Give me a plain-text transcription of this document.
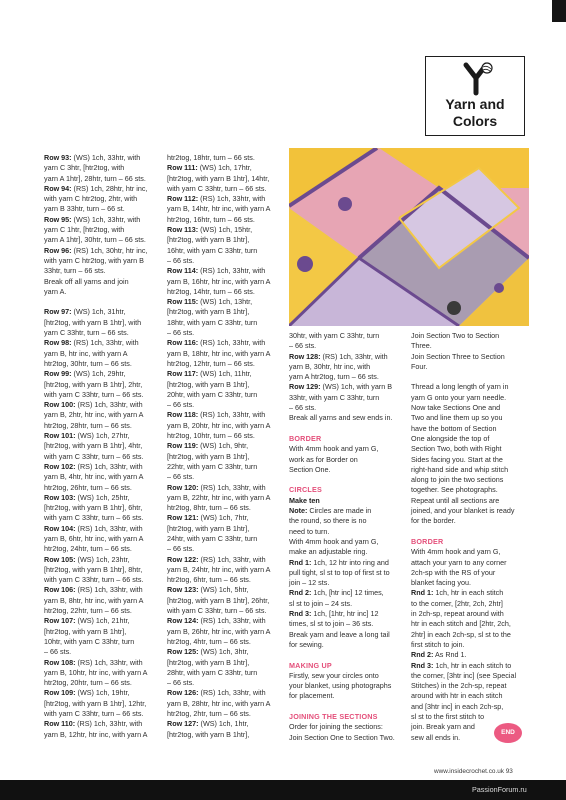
Yarn and
Colors
Row 93: (WS) 1ch, 33htr, with
yarn C 3htr, [htr2tog, with
yarn A 1htr], 28htr, turn – 66 sts.
Row 94: (RS) 1ch, 28htr, htr inc,
with yarn C htr2tog, 2htr, with
yarn B 33htr, turn – 66 st.
Row 95: (WS) 1ch, 33htr, with
yarn C 1htr, [htr2tog, with
yarn A 1htr], 30htr, turn – 66 sts.
Row 96: (RS) 1ch, 30htr, htr inc,
with yarn C htr2tog, with yarn B
33htr, turn – 66 sts.
Break off all yarns and join
yarn A.
Row 97: (WS) 1ch, 31htr,
[htr2tog, with yarn B 1htr], with
yarn C 33htr, turn – 66 sts.
Row 98: (RS) 1ch, 33htr, with
yarn B, htr inc, with yarn A
htr2tog, 30htr, turn – 66 sts.
Row 99: (WS) 1ch, 29htr,
[htr2tog, with yarn B 1htr], 2htr,
with yarn C 33htr, turn – 66 sts.
Row 100: (RS) 1ch, 33htr, with
yarn B, 2htr, htr inc, with yarn A
htr2tog, 28htr, turn – 66 sts.
Row 101: (WS) 1ch, 27htr,
[htr2tog, with yarn B 1htr], 4htr,
with yarn C 33htr, turn – 66 sts.
Row 102: (RS) 1ch, 33htr, with
yarn B, 4htr, htr inc, with yarn A
htr2tog, 26htr, turn – 66 sts.
Row 103: (WS) 1ch, 25htr,
[htr2tog, with yarn B 1htr], 6htr,
with yarn C 33htr, turn – 66 sts.
Row 104: (RS) 1ch, 33htr, with
yarn B, 6htr, htr inc, with yarn A
htr2tog, 24htr, turn – 66 sts.
Row 105: (WS) 1ch, 23htr,
[htr2tog, with yarn B 1htr], 8htr,
with yarn C 33htr, turn – 66 sts.
Row 106: (RS) 1ch, 33htr, with
yarn B, 8htr, htr inc, with yarn A
htr2tog, 22htr, turn – 66 sts.
Row 107: (WS) 1ch, 21htr,
[htr2tog, with yarn B 1htr],
10htr, with yarn C 33htr, turn
– 66 sts.
Row 108: (RS) 1ch, 33htr, with
yarn B, 10htr, htr inc, with yarn A
htr2tog, 20htr, turn – 66 sts.
Row 109: (WS) 1ch, 19htr,
[htr2tog, with yarn B 1htr], 12htr,
with yarn C 33htr, turn – 66 sts.
Row 110: (RS) 1ch, 33htr, with
yarn B, 12htr, htr inc, with yarn A
htr2tog, 18htr, turn – 66 sts.
Row 111: (WS) 1ch, 17htr,
[htr2tog, with yarn B 1htr], 14htr,
with yarn C 33htr, turn – 66 sts.
Row 112: (RS) 1ch, 33htr, with
yarn B, 14htr, htr inc, with yarn A
htr2tog, 16htr, turn – 66 sts.
Row 113: (WS) 1ch, 15htr,
[htr2tog, with yarn B 1htr],
16htr, with yarn C 33htr, turn
– 66 sts.
Row 114: (RS) 1ch, 33htr, with
yarn B, 16htr, htr inc, with yarn A
htr2tog, 14htr, turn – 66 sts.
Row 115: (WS) 1ch, 13htr,
[htr2tog, with yarn B 1htr],
18htr, with yarn C 33htr, turn
– 66 sts.
Row 116: (RS) 1ch, 33htr, with
yarn B, 18htr, htr inc, with yarn A
htr2tog, 12htr, turn – 66 sts.
Row 117: (WS) 1ch, 11htr,
[htr2tog, with yarn B 1htr],
20htr, with yarn C 33htr, turn
– 66 sts.
Row 118: (RS) 1ch, 33htr, with
yarn B, 20htr, htr inc, with yarn A
htr2tog, 10htr, turn – 66 sts.
Row 119: (WS) 1ch, 9htr,
[htr2tog, with yarn B 1htr],
22htr, with yarn C 33htr, turn
– 66 sts.
Row 120: (RS) 1ch, 33htr, with
yarn B, 22htr, htr inc, with yarn A
htr2tog, 8htr, turn – 66 sts.
Row 121: (WS) 1ch, 7htr,
[htr2tog, with yarn B 1htr],
24htr, with yarn C 33htr, turn
– 66 sts.
Row 122: (RS) 1ch, 33htr, with
yarn B, 24htr, htr inc, with yarn A
htr2tog, 6htr, turn – 66 sts.
Row 123: (WS) 1ch, 5htr,
[htr2tog, with yarn B 1htr], 26htr,
with yarn C 33htr, turn – 66 sts.
Row 124: (RS) 1ch, 33htr, with
yarn B, 26htr, htr inc, with yarn A
htr2tog, 4htr, turn – 66 sts.
Row 125: (WS) 1ch, 3htr,
[htr2tog, with yarn B 1htr],
28htr, with yarn C 33htr, turn
– 66 sts.
Row 126: (RS) 1ch, 33htr, with
yarn B, 28htr, htr inc, with yarn A
htr2tog, 2htr, turn – 66 sts.
Row 127: (WS) 1ch, 1htr,
[htr2tog, with yarn B 1htr],
30htr, with yarn C 33htr, turn
– 66 sts.
Row 128: (RS) 1ch, 33htr, with
yarn B, 30htr, htr inc, with
yarn A htr2tog, turn – 66 sts.
Row 129: (WS) 1ch, with yarn B
33htr, with yarn C 33htr, turn
– 66 sts.
Break all yarns and sew ends in.
BORDER
With 4mm hook and yarn G,
work as for Border on
Section One.
CIRCLES
Make ten
Note: Circles are made in
the round, so there is no
need to turn.
With 4mm hook and yarn G,
make an adjustable ring.
Rnd 1: 1ch, 12 htr into ring and
pull tight, sl st to top of first st to
join – 12 sts.
Rnd 2: 1ch, [htr inc] 12 times,
sl st to join – 24 sts.
Rnd 3: 1ch, [1htr, htr inc] 12
times, sl st to join – 36 sts.
Break yarn and leave a long tail
for sewing.
MAKING UP
Firstly, sew your circles onto
your blanket, using photographs
for placement.
JOINING THE SECTIONS
Order for joining the sections:
Join Section One to Section Two.
Join Section Two to Section
Three.
Join Section Three to Section
Four.
Thread a long length of yarn in
yarn G onto your yarn needle.
Now take Sections One and
Two and line them up so you
have the bottom of Section
One alongside the top of
Section Two, both with Right
Sides facing you. Start at the
right-hand side and whip stitch
along to join the two sections
together. See photographs.
Repeat until all sections are
joined, and your blanket is ready
for the border.
BORDER
With 4mm hook and yarn G,
attach your yarn to any corner
2ch-sp with the RS of your
blanket facing you.
Rnd 1: 1ch, htr in each stitch
to the corner, [2htr, 2ch, 2htr]
in 2ch-sp, repeat around with
htr in each stitch and [2htr, 2ch,
2htr] in each 2ch-sp, sl st to the
first stitch to join.
Rnd 2: As Rnd 1.
Rnd 3: 1ch, htr in each stitch to
the corner, [3htr inc] (see Special
Stitches) in the 2ch-sp, repeat
around with htr in each stitch
and [3htr inc] in each 2ch-sp,
sl st to the first stitch to
join. Break yarn and
sew all ends in.
END
www.insidecrochet.co.uk 93
PassionForum.ru
